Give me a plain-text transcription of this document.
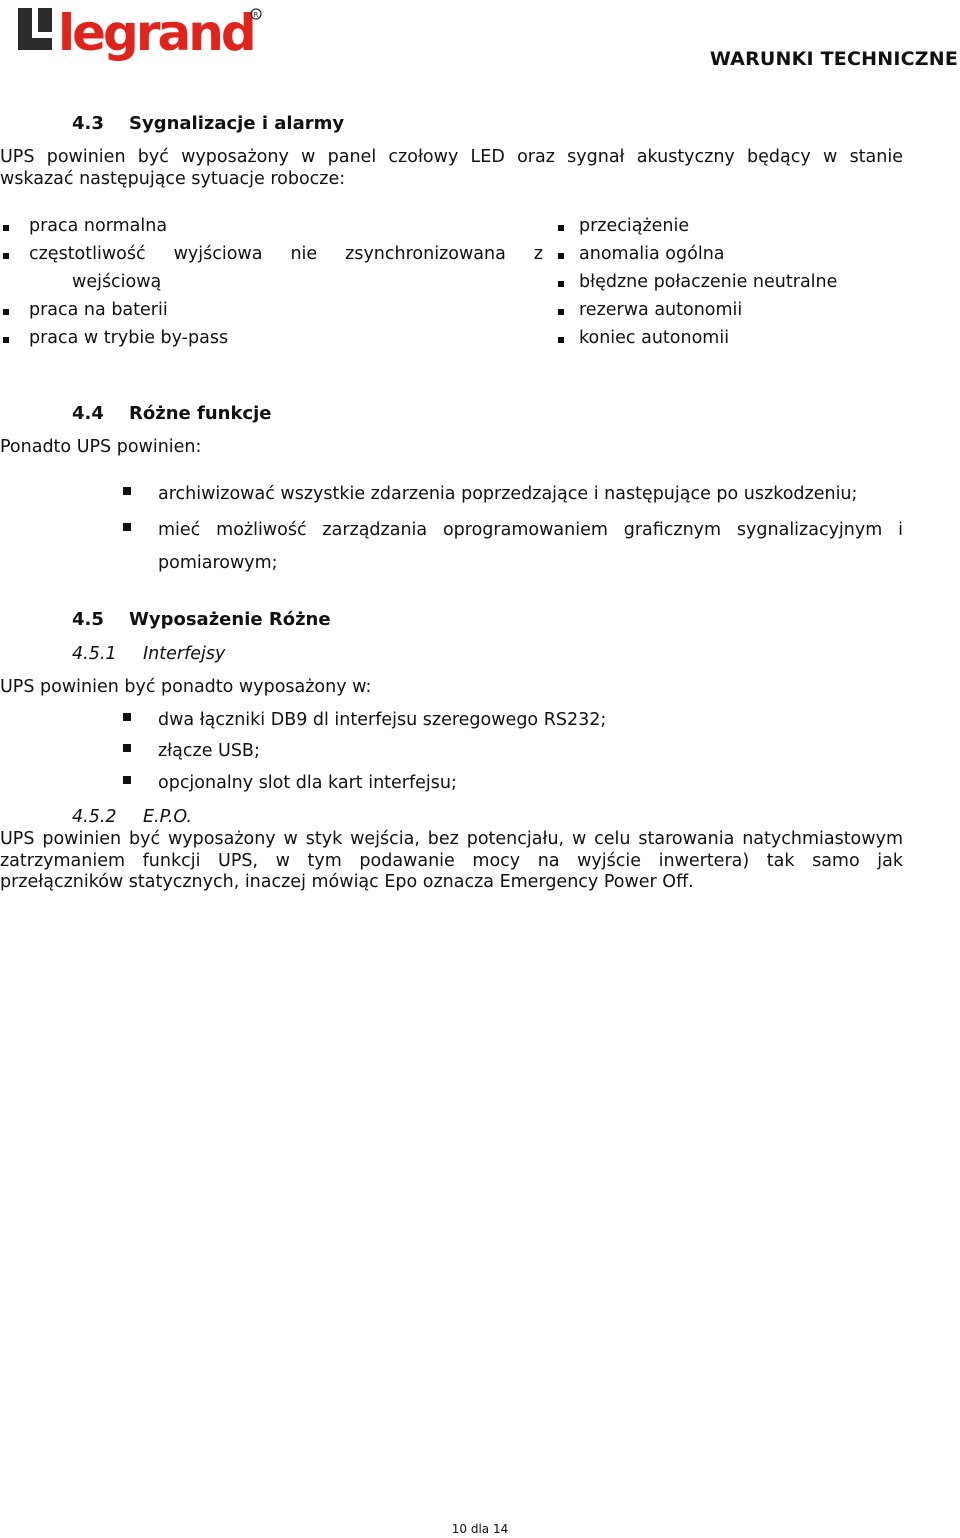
legrand R
WARUNKI TECHNICZNE
4.3 Sygnalizacje i alarmy

UPS powinien być wyposażony w panel czołowy LED oraz sygnał akustyczny będący w stanie

wskazać następujące sytuacje robocze:

praca normalna
częstotliwość wyjściowa nie zsynchronizowana z
wejściową
praca na baterii
praca w trybie by-pass
przeciążenie
anomalia ogólna
błędzne połaczenie neutralne
rezerwa autonomii
koniec autonomii
4.4 Różne funkcje

Ponadto UPS powinien:

archiwizować wszystkie zdarzenia poprzedzające i następujące po uszkodzeniu;
mieć możliwość zarządzania oprogramowaniem graficznym sygnalizacyjnym i
pomiarowym;
4.5 Wyposażenie Różne
4.5.1 Interfejsy

UPS powinien być ponadto wyposażony w:

dwa łączniki DB9 dl interfejsu szeregowego RS232;
złącze USB;
opcjonalny slot dla kart interfejsu;
4.5.2 E.P.O.

UPS powinien być wyposażony w styk wejścia, bez potencjału, w celu starowania natychmiastowym

zatrzymaniem funkcji UPS, w tym podawanie mocy na wyjście inwertera) tak samo jak

przełączników statycznych, inaczej mówiąc Epo oznacza Emergency Power Off.

10 dla 14
